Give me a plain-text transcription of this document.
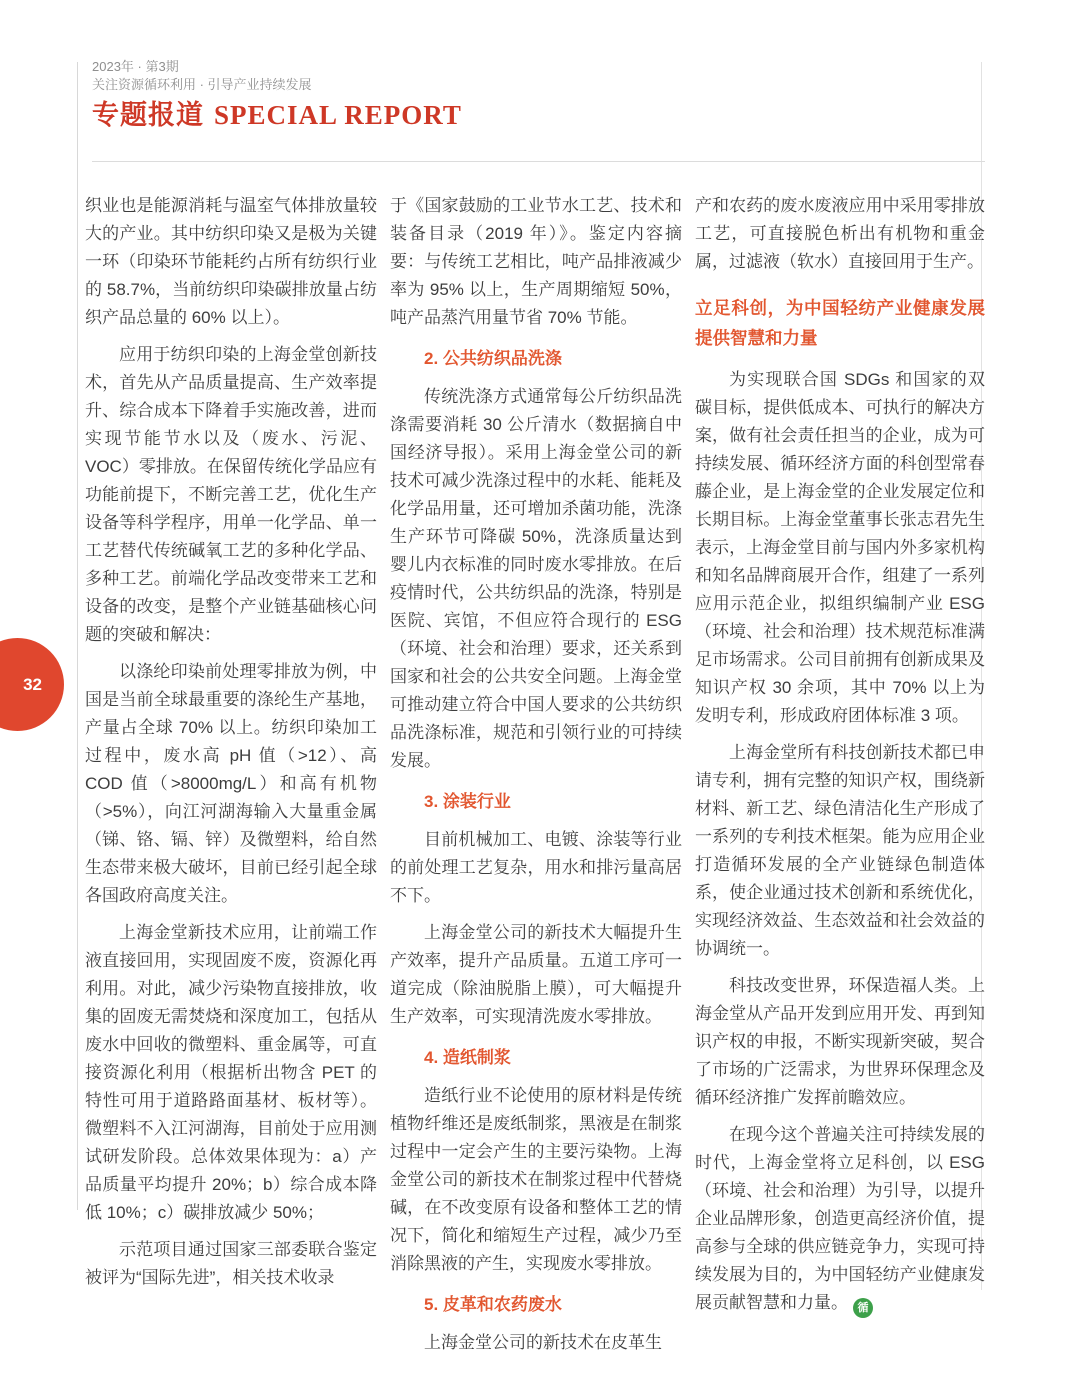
2023年 · 第3期
关注资源循环利用 · 引导产业持续发展
专题报道 SPECIAL REPORT
32

织业也是能源消耗与温室气体排放量较大的产业。其中纺织印染又是极为关键一环（印染环节能耗约占所有纺织行业的 58.7%，当前纺织印染碳排放量占纺织产品总量的 60% 以上）。

应用于纺织印染的上海金堂创新技术，首先从产品质量提高、生产效率提升、综合成本下降着手实施改善，进而实现节能节水以及（废水、污泥、VOC）零排放。在保留传统化学品应有功能前提下，不断完善工艺，优化生产设备等科学程序，用单一化学品、单一工艺替代传统碱氧工艺的多种化学品、多种工艺。前端化学品改变带来工艺和设备的改变，是整个产业链基础核心问题的突破和解决：

以涤纶印染前处理零排放为例，中国是当前全球最重要的涤纶生产基地，产量占全球 70% 以上。纺织印染加工过程中，废水高 pH 值（>12）、高 COD 值（>8000mg/L）和高有机物（>5%），向江河湖海输入大量重金属（锑、铬、镉、锌）及微塑料，给自然生态带来极大破坏，目前已经引起全球各国政府高度关注。

上海金堂新技术应用，让前端工作液直接回用，实现固废不废，资源化再利用。对此，减少污染物直接排放，收集的固废无需焚烧和深度加工，包括从废水中回收的微塑料、重金属等，可直接资源化利用（根据析出物含 PET 的特性可用于道路路面基材、板材等）。微塑料不入江河湖海，目前处于应用测试研发阶段。总体效果体现为：a）产品质量平均提升 20%；b）综合成本降低 10%；c）碳排放减少 50%；

示范项目通过国家三部委联合鉴定被评为“国际先进”，相关技术收录

于《国家鼓励的工业节水工艺、技术和装备目录（2019 年）》。鉴定内容摘要：与传统工艺相比，吨产品排液减少率为 95% 以上，生产周期缩短 50%，吨产品蒸汽用量节省 70% 节能。

2. 公共纺织品洗涤

传统洗涤方式通常每公斤纺织品洗涤需要消耗 30 公斤清水（数据摘自中国经济导报）。采用上海金堂公司的新技术可减少洗涤过程中的水耗、能耗及化学品用量，还可增加杀菌功能，洗涤生产环节可降碳 50%，洗涤质量达到婴儿内衣标准的同时废水零排放。在后疫情时代，公共纺织品的洗涤，特别是医院、宾馆，不但应符合现行的 ESG（环境、社会和治理）要求，还关系到国家和社会的公共安全问题。上海金堂可推动建立符合中国人要求的公共纺织品洗涤标准，规范和引领行业的可持续发展。

3. 涂装行业

目前机械加工、电镀、涂装等行业的前处理工艺复杂，用水和排污量高居不下。

上海金堂公司的新技术大幅提升生产效率，提升产品质量。五道工序可一道完成（除油脱脂上膜），可大幅提升生产效率，可实现清洗废水零排放。

4. 造纸制浆

造纸行业不论使用的原材料是传统植物纤维还是废纸制浆，黑液是在制浆过程中一定会产生的主要污染物。上海金堂公司的新技术在制浆过程中代替烧碱，在不改变原有设备和整体工艺的情况下，简化和缩短生产过程，减少乃至消除黑液的产生，实现废水零排放。

5. 皮革和农药废水

上海金堂公司的新技术在皮革生

产和农药的废水废液应用中采用零排放工艺，可直接脱色析出有机物和重金属，过滤液（软水）直接回用于生产。

立足科创，为中国轻纺产业健康发展提供智慧和力量

为实现联合国 SDGs 和国家的双碳目标，提供低成本、可执行的解决方案，做有社会责任担当的企业，成为可持续发展、循环经济方面的科创型常春藤企业，是上海金堂的企业发展定位和长期目标。上海金堂董事长张志君先生表示，上海金堂目前与国内外多家机构和知名品牌商展开合作，组建了一系列应用示范企业，拟组织编制产业 ESG（环境、社会和治理）技术规范标准满足市场需求。公司目前拥有创新成果及知识产权 30 余项，其中 70% 以上为发明专利，形成政府团体标准 3 项。

上海金堂所有科技创新技术都已申请专利，拥有完整的知识产权，围绕新材料、新工艺、绿色清洁化生产形成了一系列的专利技术框架。能为应用企业打造循环发展的全产业链绿色制造体系，使企业通过技术创新和系统优化，实现经济效益、生态效益和社会效益的协调统一。

科技改变世界，环保造福人类。上海金堂从产品开发到应用开发、再到知识产权的申报，不断实现新突破，契合了市场的广泛需求，为世界环保理念及循环经济推广发挥前瞻效应。

在现今这个普遍关注可持续发展的时代，上海金堂将立足科创，以 ESG（环境、社会和治理）为引导，以提升企业品牌形象，创造更高经济价值，提高参与全球的供应链竞争力，实现可持续发展为目的，为中国轻纺产业健康发展贡献智慧和力量。 循
